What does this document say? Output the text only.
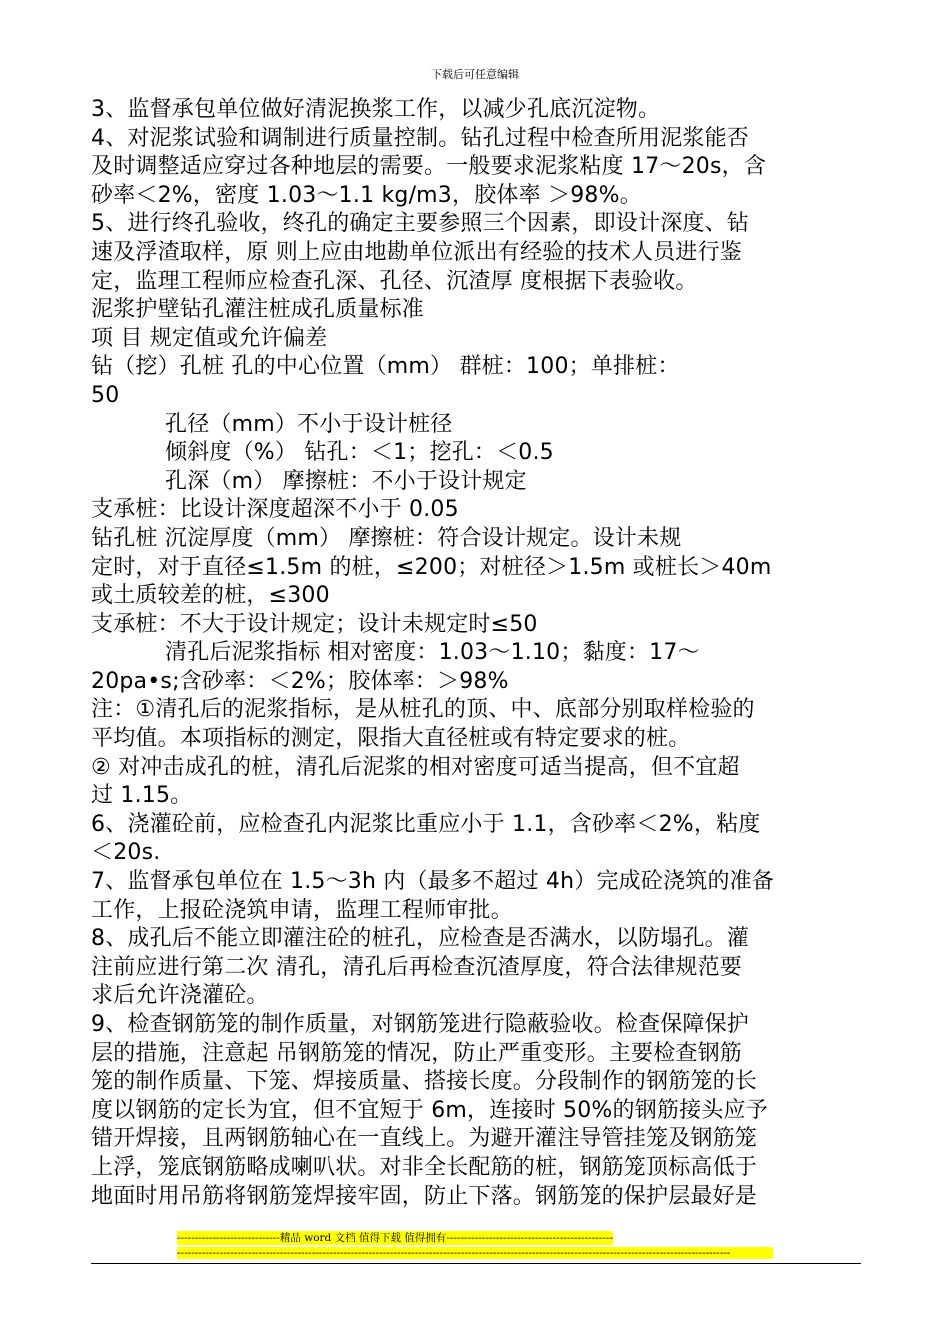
下载后可任意编辑
3、监督承包单位做好清泥换浆工作，以减少孔底沉淀物。
4、对泥浆试验和调制进行质量控制。钻孔过程中检查所用泥浆能否
及时调整适应穿过各种地层的需要。一般要求泥浆粘度 17～20s，含
砂率＜2%，密度 1.03～1.1 kg/m3，胶体率 ＞98%。
5、进行终孔验收，终孔的确定主要参照三个因素，即设计深度、钻
速及浮渣取样，原 则上应由地勘单位派出有经验的技术人员进行鉴
定，监理工程师应检查孔深、孔径、沉渣厚 度根据下表验收。
泥浆护壁钻孔灌注桩成孔质量标准
项 目 规定值或允许偏差
钻（挖）孔桩 孔的中心位置（mm） 群桩：100；单排桩：
50
孔径（mm）不小于设计桩径
倾斜度（%） 钻孔：＜1；挖孔：＜0.5
孔深（m） 摩擦桩：不小于设计规定
支承桩：比设计深度超深不小于 0.05
钻孔桩 沉淀厚度（mm） 摩擦桩：符合设计规定。设计未规
定时，对于直径≤1.5m 的桩，≤200；对桩径＞1.5m 或桩长＞40m
或土质较差的桩，≤300
支承桩：不大于设计规定；设计未规定时≤50
清孔后泥浆指标 相对密度：1.03～1.10；黏度：17～
20pa•s;含砂率：＜2%；胶体率：＞98%
注：①清孔后的泥浆指标，是从桩孔的顶、中、底部分别取样检验的
平均值。本项指标的测定，限指大直径桩或有特定要求的桩。
② 对冲击成孔的桩，清孔后泥浆的相对密度可适当提高，但不宜超
过 1.15。
6、浇灌砼前，应检查孔内泥浆比重应小于 1.1，含砂率＜2%，粘度
＜20s.
7、监督承包单位在 1.5～3h 内（最多不超过 4h）完成砼浇筑的准备
工作，上报砼浇筑申请，监理工程师审批。
8、成孔后不能立即灌注砼的桩孔，应检查是否满水，以防塌孔。灌
注前应进行第二次 清孔，清孔后再检查沉渣厚度，符合法律规范要
求后允许浇灌砼。
9、检查钢筋笼的制作质量，对钢筋笼进行隐蔽验收。检查保障保护
层的措施，注意起 吊钢筋笼的情况，防止严重变形。主要检查钢筋
笼的制作质量、下笼、焊接质量、搭接长度。分段制作的钢筋笼的长
度以钢筋的定长为宜，但不宜短于 6m，连接时 50%的钢筋接头应予
错开焊接，且两钢筋轴心在一直线上。为避开灌注导管挂笼及钢筋笼
上浮，笼底钢筋略成喇叭状。对非全长配筋的桩，钢筋笼顶标高低于
地面时用吊筋将钢筋笼焊接牢固，防止下落。钢筋笼的保护层最好是
-----------------------------精品 word 文档 值得下载 值得拥有-----------------------------------------------
------------------------------------------------------------------------------------------------------------------------------------------------------------
